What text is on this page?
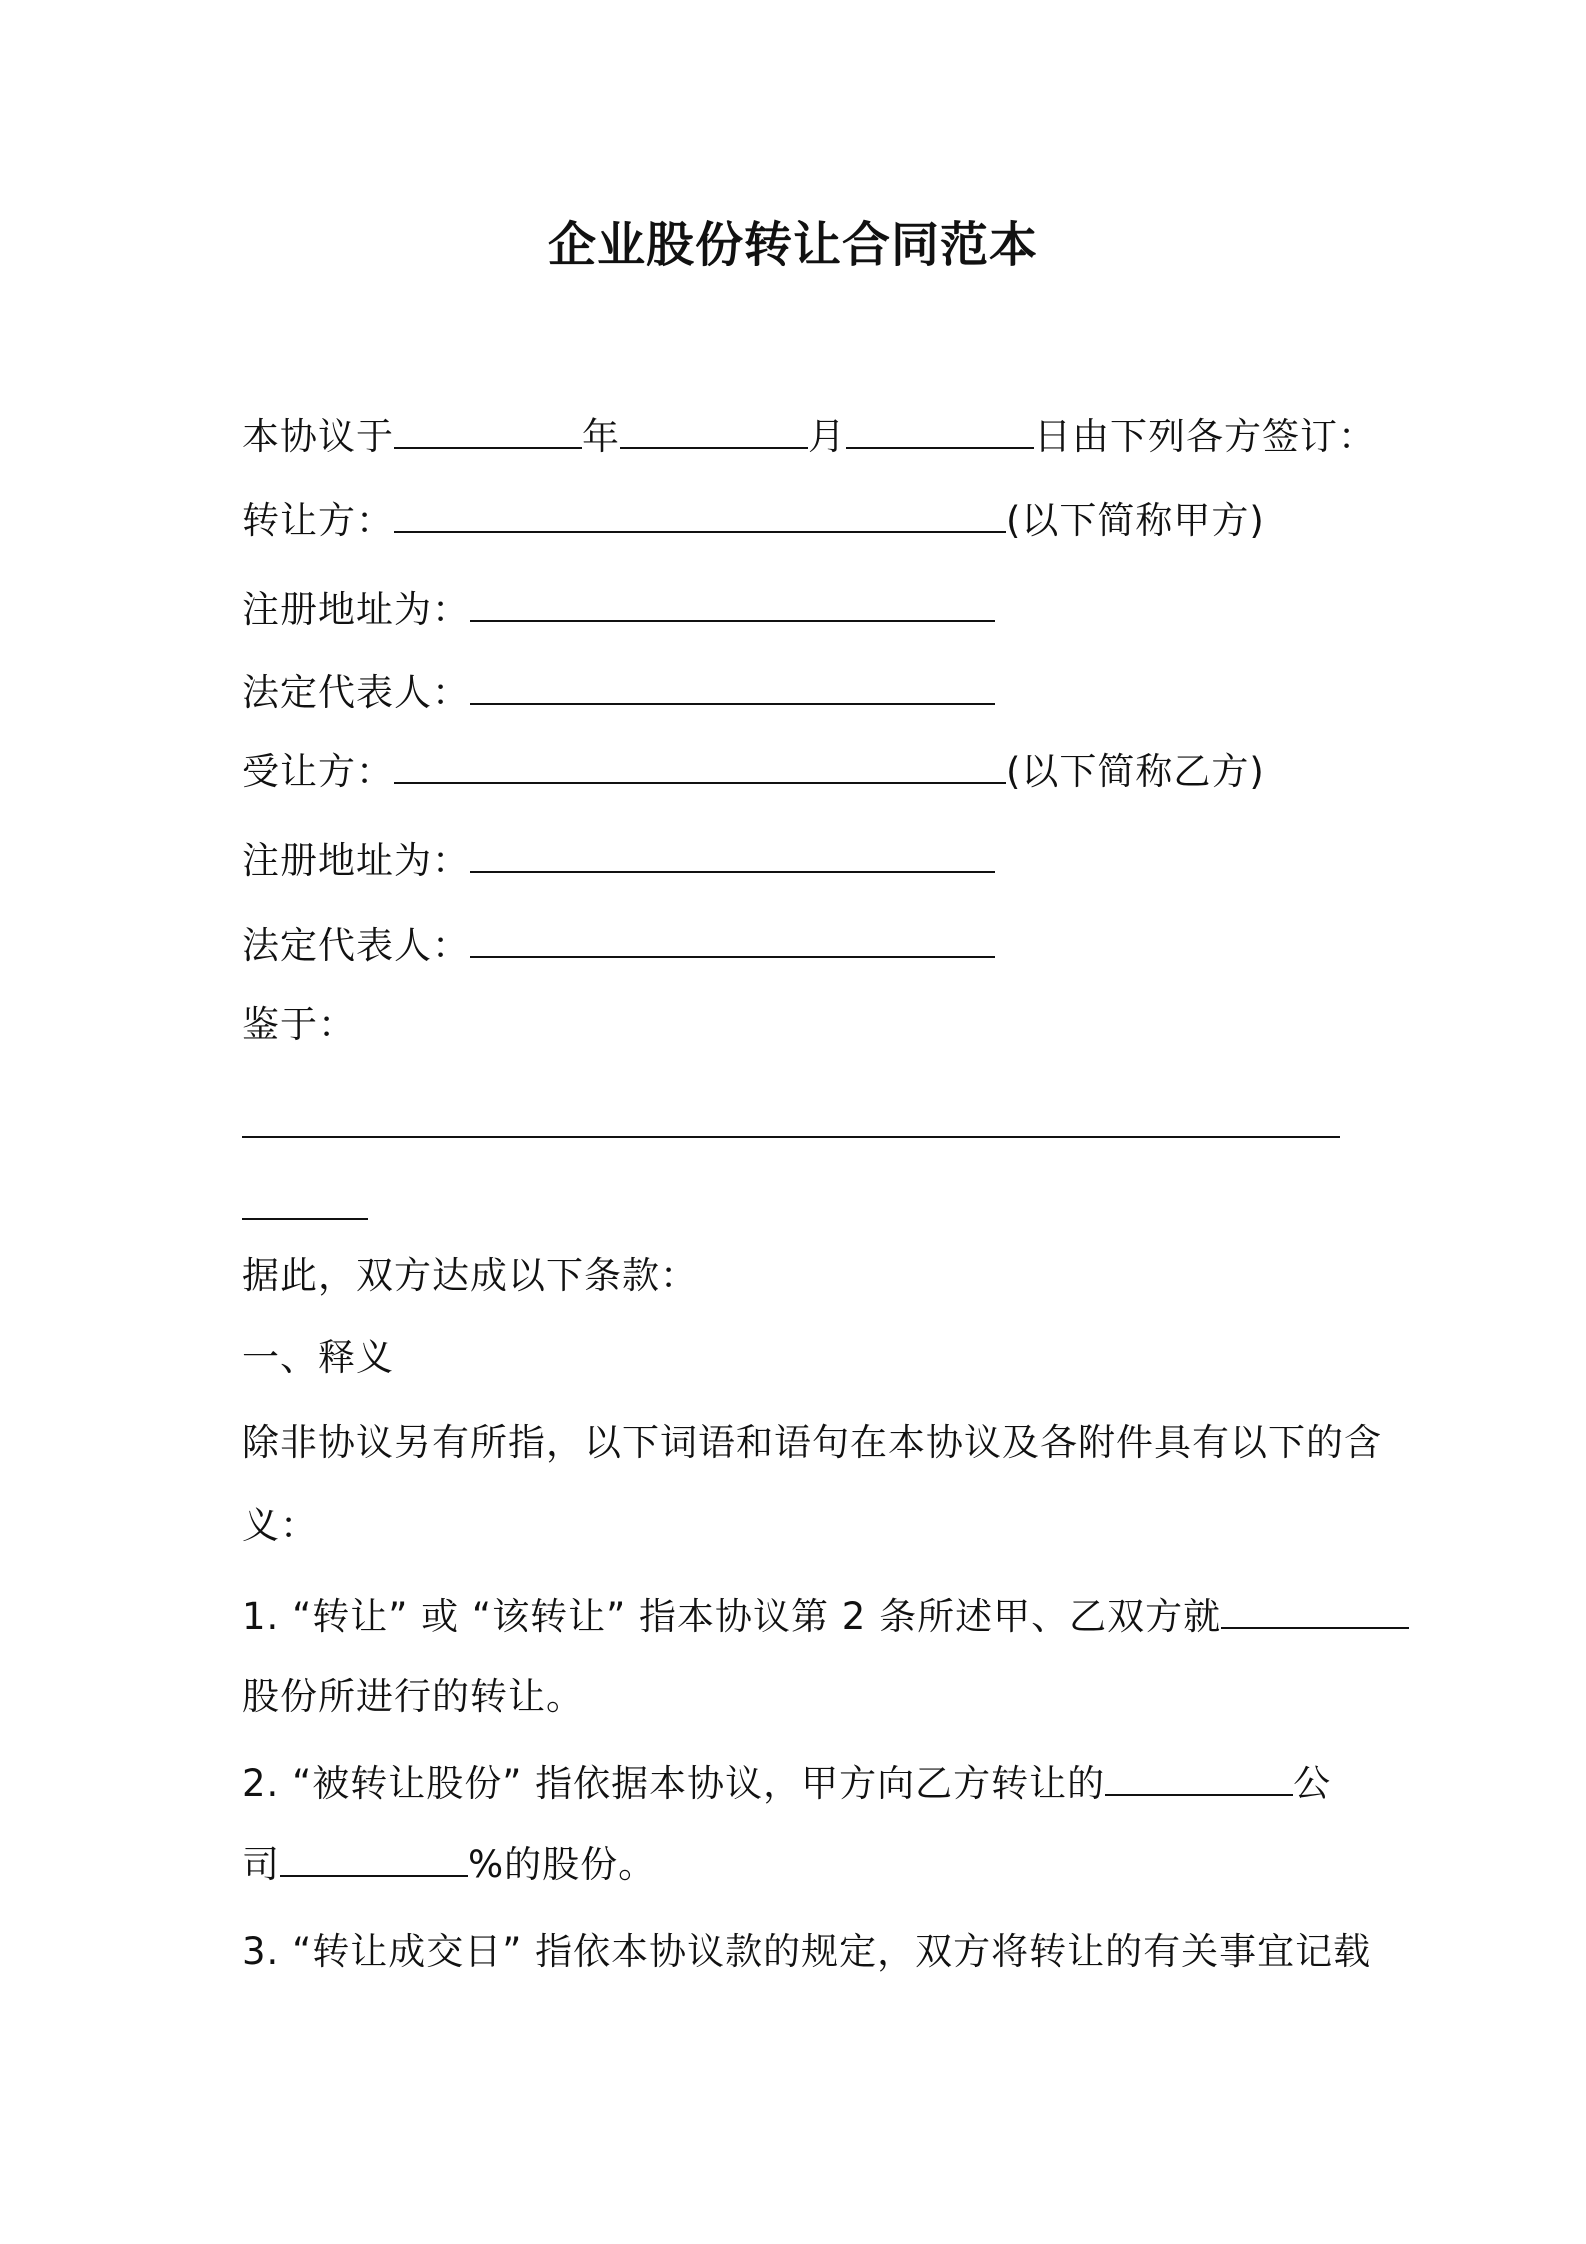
企业股份转让合同范本
本协议于	年	月	日由下列各方签订：
转让方：	(以下简称甲方)
注册地址为：
法定代表人：
受让方：	(以下简称乙方)
注册地址为：
法定代表人：
鉴于：
据此，双方达成以下条款：
一、释义
除非协议另有所指，以下词语和语句在本协议及各附件具有以下的含
义：
1. “转让” 或 “该转让” 指本协议第 2 条所述甲、乙双方就
股份所进行的转让。
2. “被转让股份” 指依据本协议，甲方向乙方转让的	公
司	%的股份。
3. “转让成交日” 指依本协议款的规定，双方将转让的有关事宜记载
